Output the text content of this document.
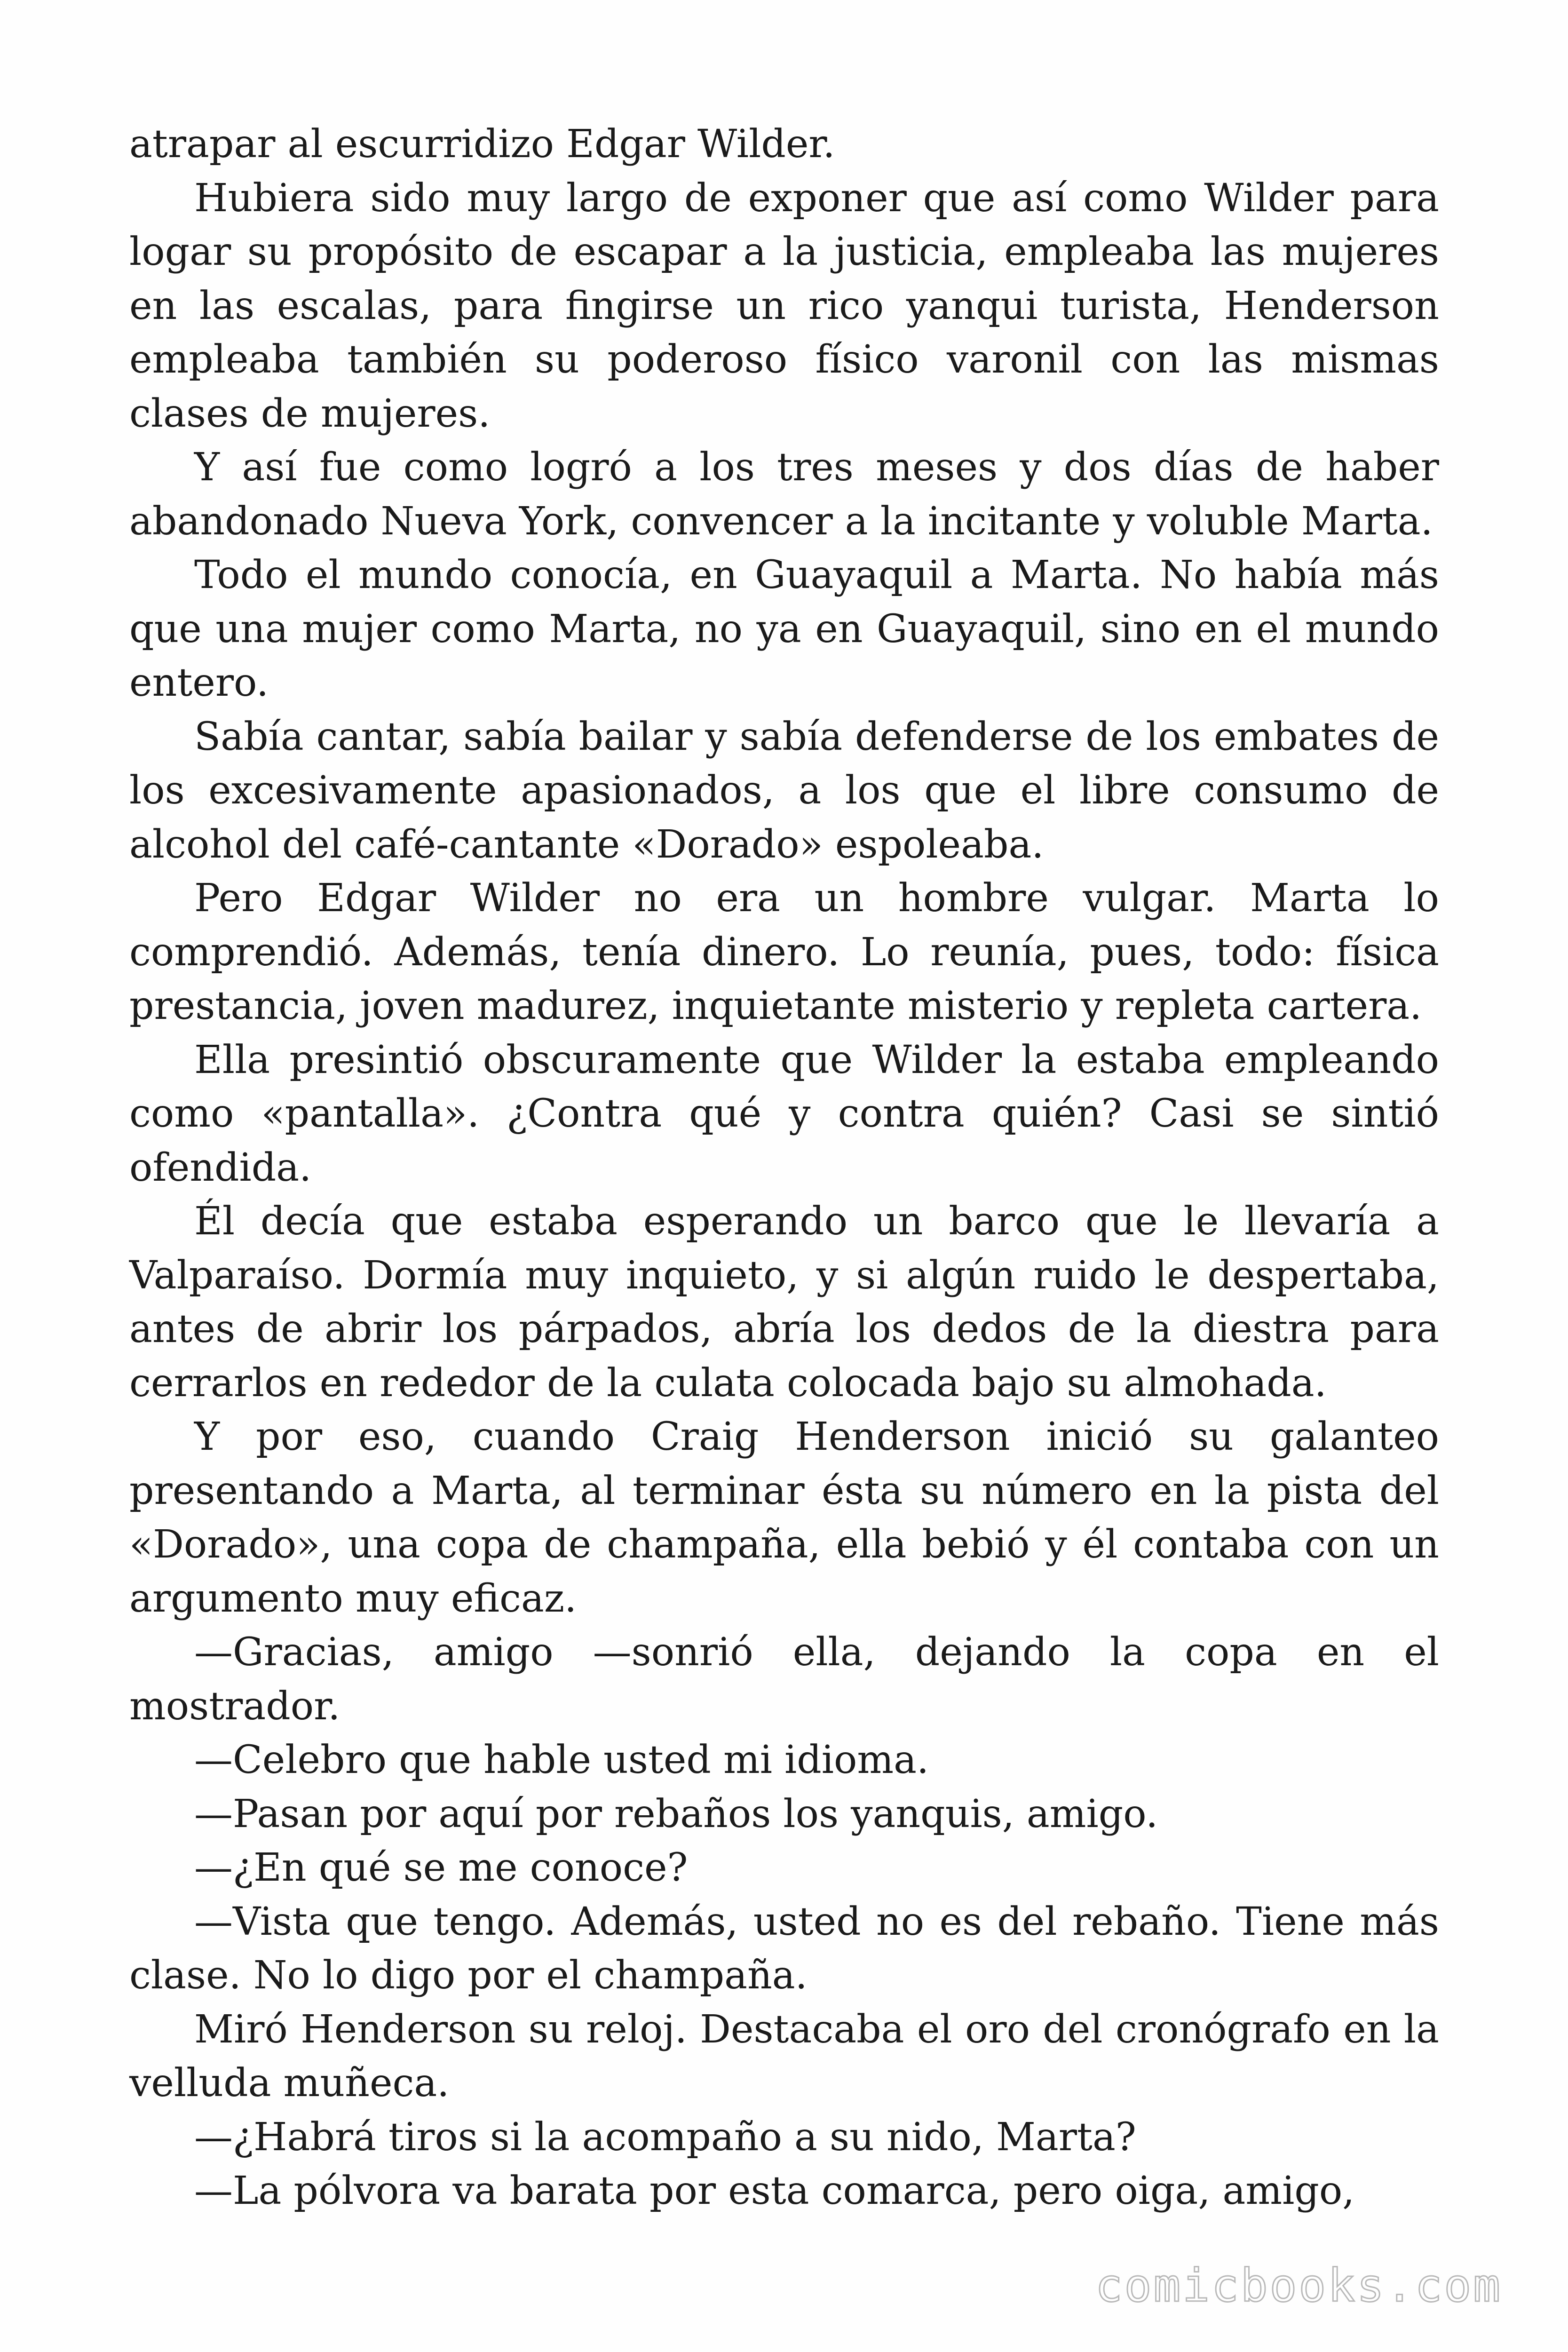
atrapar al escurridizo Edgar Wilder.

Hubiera sido muy largo de exponer que así como Wilder para logar su propósito de escapar a la justicia, empleaba las mujeres en las escalas, para fingirse un rico yanqui turista, Henderson empleaba también su poderoso físico varonil con las mismas clases de mujeres.

Y así fue como logró a los tres meses y dos días de haber abandonado Nueva York, convencer a la incitante y voluble Marta.

Todo el mundo conocía, en Guayaquil a Marta. No había más que una mujer como Marta, no ya en Guayaquil, sino en el mundo entero.

Sabía cantar, sabía bailar y sabía defenderse de los embates de los excesivamente apasionados, a los que el libre consumo de alcohol del café-cantante «Dorado» espoleaba.

Pero Edgar Wilder no era un hombre vulgar. Marta lo comprendió. Además, tenía dinero. Lo reunía, pues, todo: física prestancia, joven madurez, inquietante misterio y repleta cartera.

Ella presintió obscuramente que Wilder la estaba empleando como «pantalla». ¿Contra qué y contra quién? Casi se sintió ofendida.

Él decía que estaba esperando un barco que le llevaría a Valparaíso. Dormía muy inquieto, y si algún ruido le despertaba, antes de abrir los párpados, abría los dedos de la diestra para cerrarlos en rededor de la culata colocada bajo su almohada.

Y por eso, cuando Craig Henderson inició su galanteo presentando a Marta, al terminar ésta su número en la pista del «Dorado», una copa de champaña, ella bebió y él contaba con un argumento muy eficaz.

—Gracias, amigo —sonrió ella, dejando la copa en el mostrador.

—Celebro que hable usted mi idioma.

—Pasan por aquí por rebaños los yanquis, amigo.

—¿En qué se me conoce?

—Vista que tengo. Además, usted no es del rebaño. Tiene más clase. No lo digo por el champaña.

Miró Henderson su reloj. Destacaba el oro del cronógrafo en la velluda muñeca.

—¿Habrá tiros si la acompaño a su nido, Marta?

—La pólvora va barata por esta comarca, pero oiga, amigo,

comicbooks.com
